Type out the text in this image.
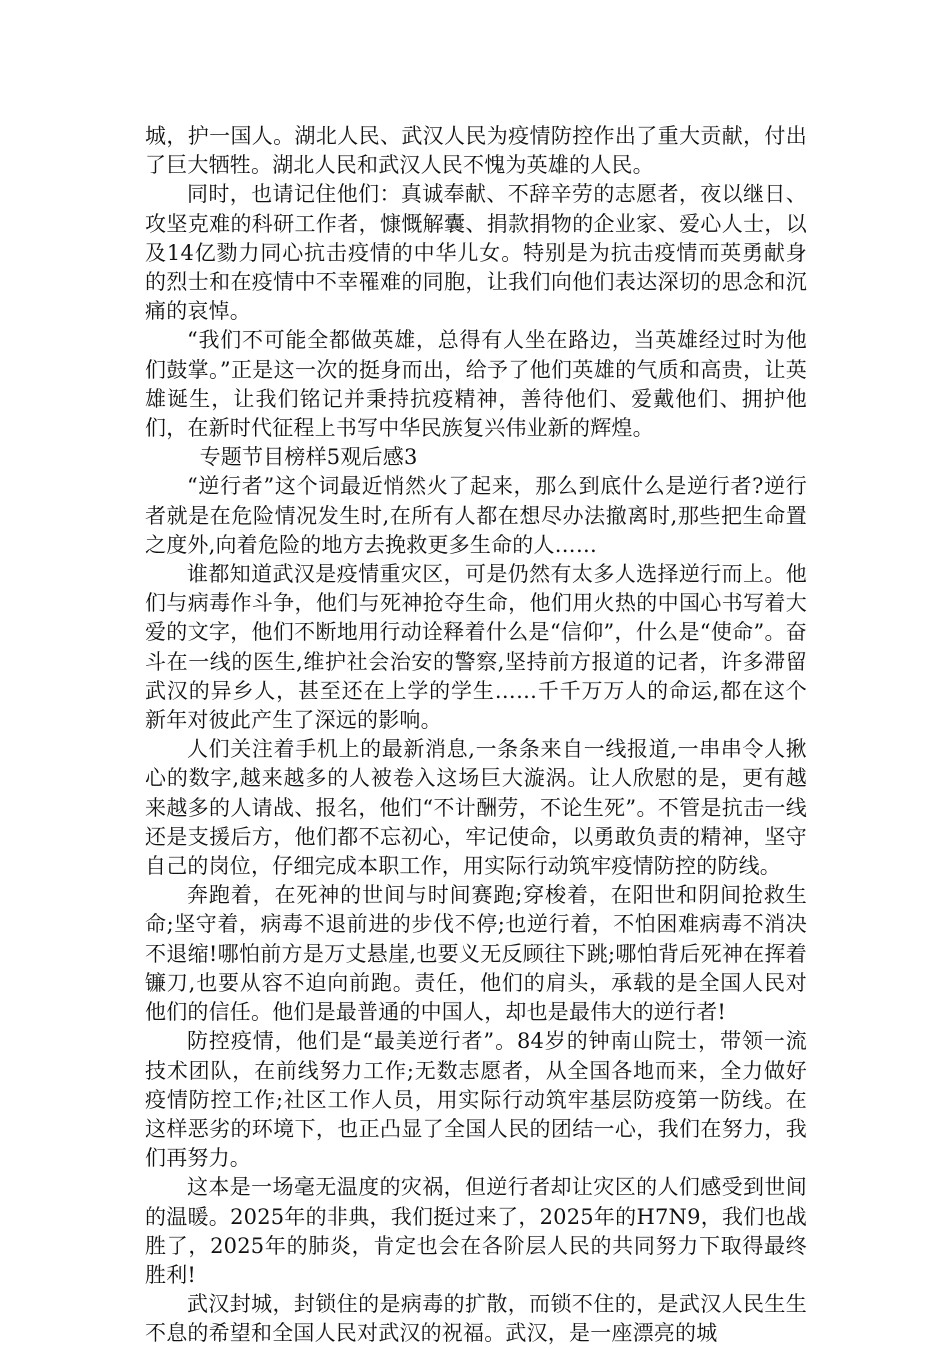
城，护一国人。湖北人民、武汉人民为疫情防控作出了重大贡献，付出了巨大牺牲。湖北人民和武汉人民不愧为英雄的人民。

同时，也请记住他们：真诚奉献、不辞辛劳的志愿者，夜以继日、攻坚克难的科研工作者，慷慨解囊、捐款捐物的企业家、爱心人士，以及14亿勠力同心抗击疫情的中华儿女。特别是为抗击疫情而英勇献身的烈士和在疫情中不幸罹难的同胞，让我们向他们表达深切的思念和沉痛的哀悼。

“我们不可能全都做英雄，总得有人坐在路边，当英雄经过时为他们鼓掌。”正是这一次的挺身而出，给予了他们英雄的气质和高贵，让英雄诞生，让我们铭记并秉持抗疫精神，善待他们、爱戴他们、拥护他们，在新时代征程上书写中华民族复兴伟业新的辉煌。

专题节目榜样5观后感3

“逆行者”这个词最近悄然火了起来，那么到底什么是逆行者?逆行者就是在危险情况发生时,在所有人都在想尽办法撤离时,那些把生命置之度外,向着危险的地方去挽救更多生命的人……

谁都知道武汉是疫情重灾区，可是仍然有太多人选择逆行而上。他们与病毒作斗争，他们与死神抢夺生命，他们用火热的中国心书写着大爱的文字，他们不断地用行动诠释着什么是“信仰”，什么是“使命”。奋斗在一线的医生,维护社会治安的警察,坚持前方报道的记者，许多滞留武汉的异乡人，甚至还在上学的学生……千千万万人的命运,都在这个新年对彼此产生了深远的影响。

人们关注着手机上的最新消息,一条条来自一线报道,一串串令人揪心的数字,越来越多的人被卷入这场巨大漩涡。让人欣慰的是，更有越来越多的人请战、报名，他们“不计酬劳，不论生死”。不管是抗击一线还是支援后方，他们都不忘初心，牢记使命，以勇敢负责的精神，坚守自己的岗位，仔细完成本职工作，用实际行动筑牢疫情防控的防线。

奔跑着，在死神的世间与时间赛跑;穿梭着，在阳世和阴间抢救生命;坚守着，病毒不退前进的步伐不停;也逆行着，不怕困难病毒不消决不退缩!哪怕前方是万丈悬崖,也要义无反顾往下跳;哪怕背后死神在挥着镰刀,也要从容不迫向前跑。责任，他们的肩头，承载的是全国人民对他们的信任。他们是最普通的中国人，却也是最伟大的逆行者!

防控疫情，他们是“最美逆行者”。84岁的钟南山院士，带领一流技术团队，在前线努力工作;无数志愿者，从全国各地而来，全力做好疫情防控工作;社区工作人员，用实际行动筑牢基层防疫第一防线。在这样恶劣的环境下，也正凸显了全国人民的团结一心，我们在努力，我们再努力。

这本是一场毫无温度的灾祸，但逆行者却让灾区的人们感受到世间的温暖。2025年的非典，我们挺过来了，2025年的H7N9，我们也战胜了，2025年的肺炎，肯定也会在各阶层人民的共同努力下取得最终胜利!

武汉封城，封锁住的是病毒的扩散，而锁不住的，是武汉人民生生不息的希望和全国人民对武汉的祝福。武汉，是一座漂亮的城
